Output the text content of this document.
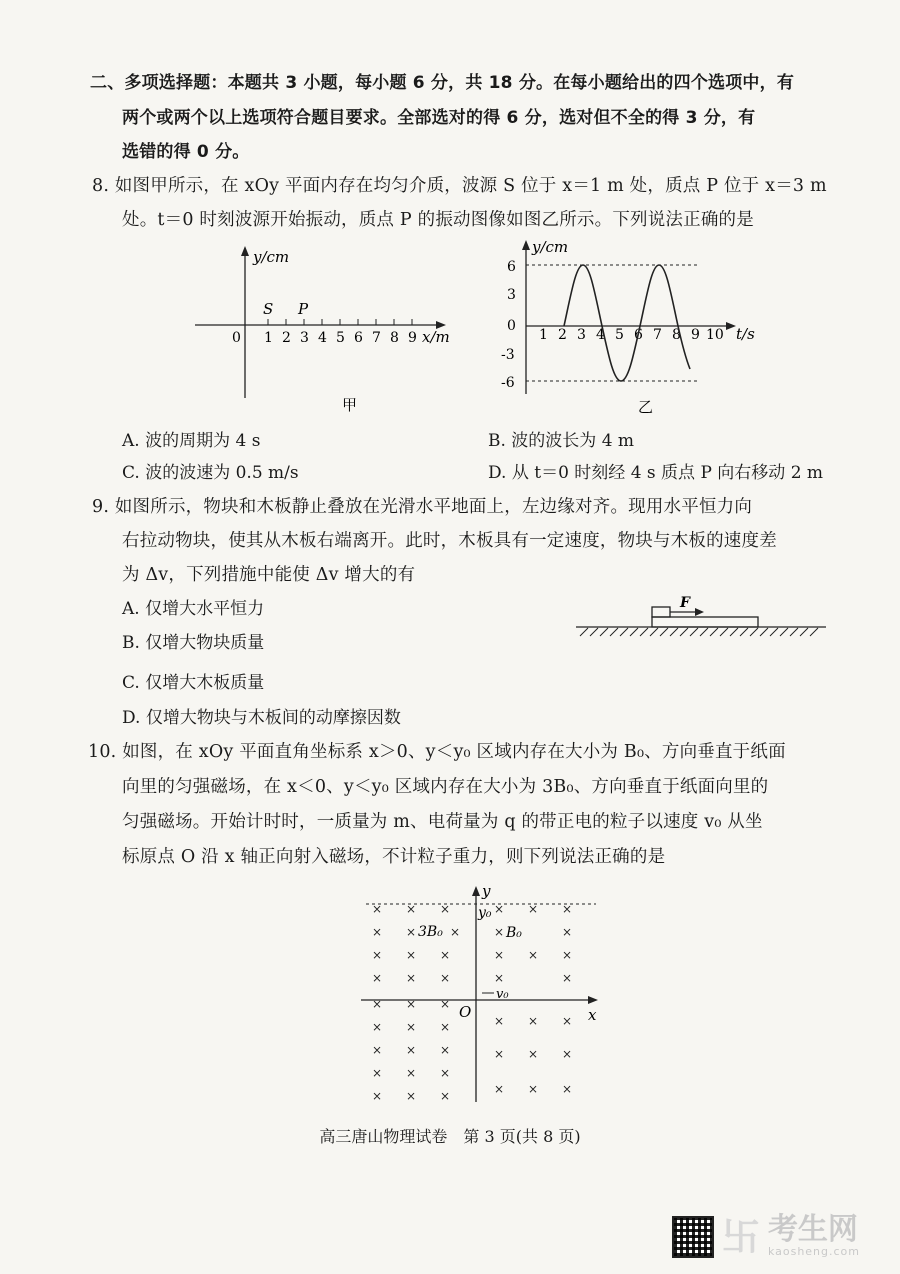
二、多项选择题：本题共 3 小题，每小题 6 分，共 18 分。在每小题给出的四个选项中，有
两个或两个以上选项符合题目要求。全部选对的得 6 分，选对但不全的得 3 分，有
选错的得 0 分。
8. 如图甲所示，在 xOy 平面内存在均匀介质，波源 S 位于 x＝1 m 处，质点 P 位于 x＝3 m
处。t＝0 时刻波源开始振动，质点 P 的振动图像如图乙所示。下列说法正确的是
y/cm
0 1 2 3 4 5 6 7 8 9 x/m
S P
甲
y/cm
t/s
6
3
0
-3
-6
1 2 3 4 5 6 7 8 9 10
乙
A. 波的周期为 4 s	B. 波的波长为 4 m
C. 波的波速为 0.5 m/s	D. 从 t＝0 时刻经 4 s 质点 P 向右移动 2 m
9. 如图所示，物块和木板静止叠放在光滑水平地面上，左边缘对齐。现用水平恒力向
右拉动物块，使其从木板右端离开。此时，木板具有一定速度，物块与木板的速度差
为 Δv，下列措施中能使 Δv 增大的有
F
A. 仅增大水平恒力
B. 仅增大物块质量
C. 仅增大木板质量
D. 仅增大物块与木板间的动摩擦因数
10. 如图，在 xOy 平面直角坐标系 x＞0、y＜y₀ 区域内存在大小为 B₀、方向垂直于纸面
向里的匀强磁场，在 x＜0、y＜y₀ 区域内存在大小为 3B₀、方向垂直于纸面向里的
匀强磁场。开始计时时，一质量为 m、电荷量为 q 的带正电的粒子以速度 v₀ 从坐
标原点 O 沿 x 轴正向射入磁场，不计粒子重力，则下列说法正确的是
y
x
O
y₀
3B₀	B₀
v₀
× × ×	× × ×
× ×	×	×	×
× × ×	× × ×
× × ×	×	×
× × ×
× × ×	× × ×
× × ×	× × ×
× × ×
× × ×	× × ×
高三唐山物理试卷　第 3 页(共 8 页)
卐 考生网
kaosheng.com
